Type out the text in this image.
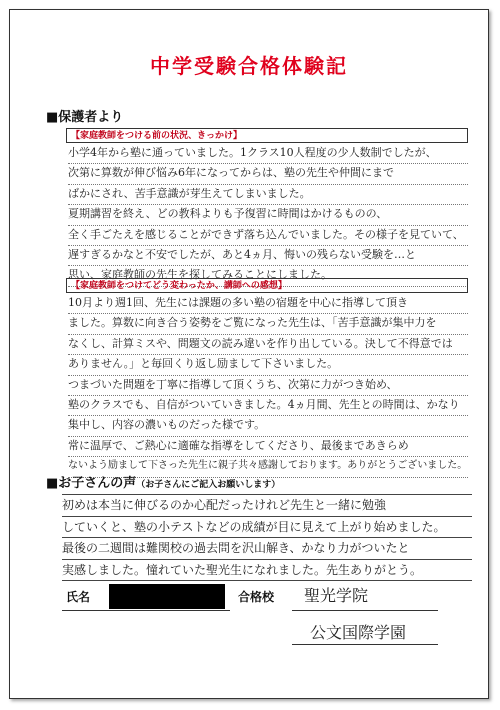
中学受験合格体験記
■保護者より
【家庭教師をつける前の状況、きっかけ】
小学4年から塾に通っていました。1クラス10人程度の少人数制でしたが、
次第に算数が伸び悩み6年になってからは、塾の先生や仲間にまで
ばかにされ、苦手意識が芽生えてしまいました。
夏期講習を終え、どの教科よりも予復習に時間はかけるものの、
全く手ごたえを感じることができず落ち込んでいました。その様子を見ていて、
遅すぎるかなと不安でしたが、あと4ヵ月、悔いの残らない受験を…と
思い、家庭教師の先生を探してみることにしました。
【家庭教師をつけてどう変わったか、講師への感想】
10月より週1回、先生には課題の多い塾の宿題を中心に指導して頂き
ました。算数に向き合う姿勢をご覧になった先生は、「苦手意識が集中力を
なくし、計算ミスや、問題文の読み違いを作り出している。決して不得意では
ありません。」と毎回くり返し励まして下さいました。
つまづいた問題を丁寧に指導して頂くうち、次第に力がつき始め、
塾のクラスでも、自信がついていきました。4ヵ月間、先生との時間は、かなり
集中し、内容の濃いものだった様です。
常に温厚で、ご熱心に適確な指導をしてくださり、最後まであきらめ
ないよう励まして下さった先生に親子共々感謝しております。ありがとうございました。
■お子さんの声（お子さんにご記入お願いします）
初めは本当に伸びるのか心配だったけれど先生と一緒に勉強
していくと、塾の小テストなどの成績が目に見えて上がり始めました。
最後の二週間は難関校の過去問を沢山解き、かなり力がついたと
実感しました。憧れていた聖光生になれました。先生ありがとう。
氏名	合格校 聖光学院
公文国際学園
